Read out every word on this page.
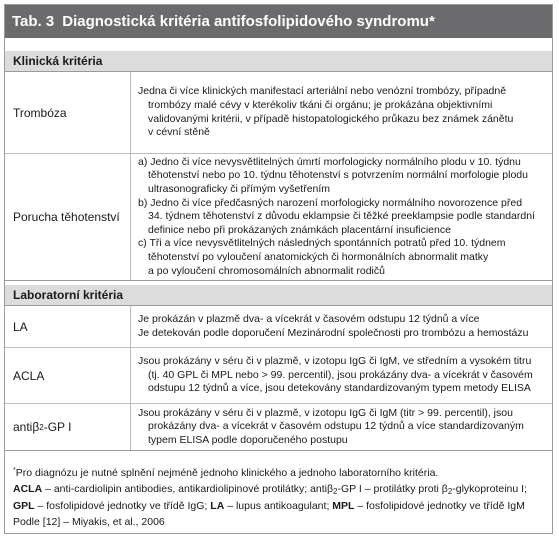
Tab. 3 Diagnostická kritéria antifosfolipidového syndromu*
Klinická kritéria
Trombóza

Jedna či více klinických manifestací arteriální nebo venózní trombózy, případně

trombózy malé cévy v kterékoliv tkáni či orgánu; je prokázána objektivními

validovanými kritérii, v případě histopatologického průkazu bez známek zánětu

v cévní stěně

Porucha těhotenství

a) Jedno či více nevysvětlitelných úmrtí morfologicky normálního plodu v 10. týdnu

těhotenství nebo po 10. týdnu těhotenství s potvrzením normální morfologie plodu

ultrasonograficky či přímým vyšetřením

b) Jedno či více předčasných narození morfologicky normálního novorozence před

34. týdnem těhotenství z důvodu eklampsie či těžké preeklampsie podle standardní

definice nebo při prokázaných známkách placentární insuficience

c) Tři a více nevysvětlitelných následných spontánních potratů před 10. týdnem

těhotenství po vyloučení anatomických či hormonálních abnormalit matky

a po vyloučení chromosomálních abnormalit rodičů

Laboratorní kritéria
LA

Je prokázán v plazmě dva- a vícekrát v časovém odstupu 12 týdnů a více

Je detekován podle doporučení Mezinárodní společnosti pro trombózu a hemostázu

ACLA

Jsou prokázány v séru či v plazmě, v izotopu IgG či IgM, ve středním a vysokém titru

(tj. 40 GPL či MPL nebo > 99. percentil), jsou prokázány dva- a vícekrát v časovém

odstupu 12 týdnů a více, jsou detekovány standardizovaným typem metody ELISA

antiβ 2 -GP I

Jsou prokázány v séru či v plazmě, v izotopu IgG či IgM (titr > 99. percentil), jsou

prokázány dva- a vícekrát v časovém odstupu 12 týdnů a více standardizovaným

typem ELISA podle doporučeného postupu

*Pro diagnózu je nutné splnění nejméně jednoho klinického a jednoho laboratorního kritéria.

ACLA – anti-cardiolipin antibodies, antikardiolipinové protilátky; antiβ$_2$-GP I – protilátky proti $\beta_2$-glykoproteinu I;

GPL – fosfolipidové jednotky ve třídě IgG; LA – lupus antikoagulant; MPL – fosfolipidové jednotky ve třídě IgM

Podle [12] – Miyakis, et al., 2006
